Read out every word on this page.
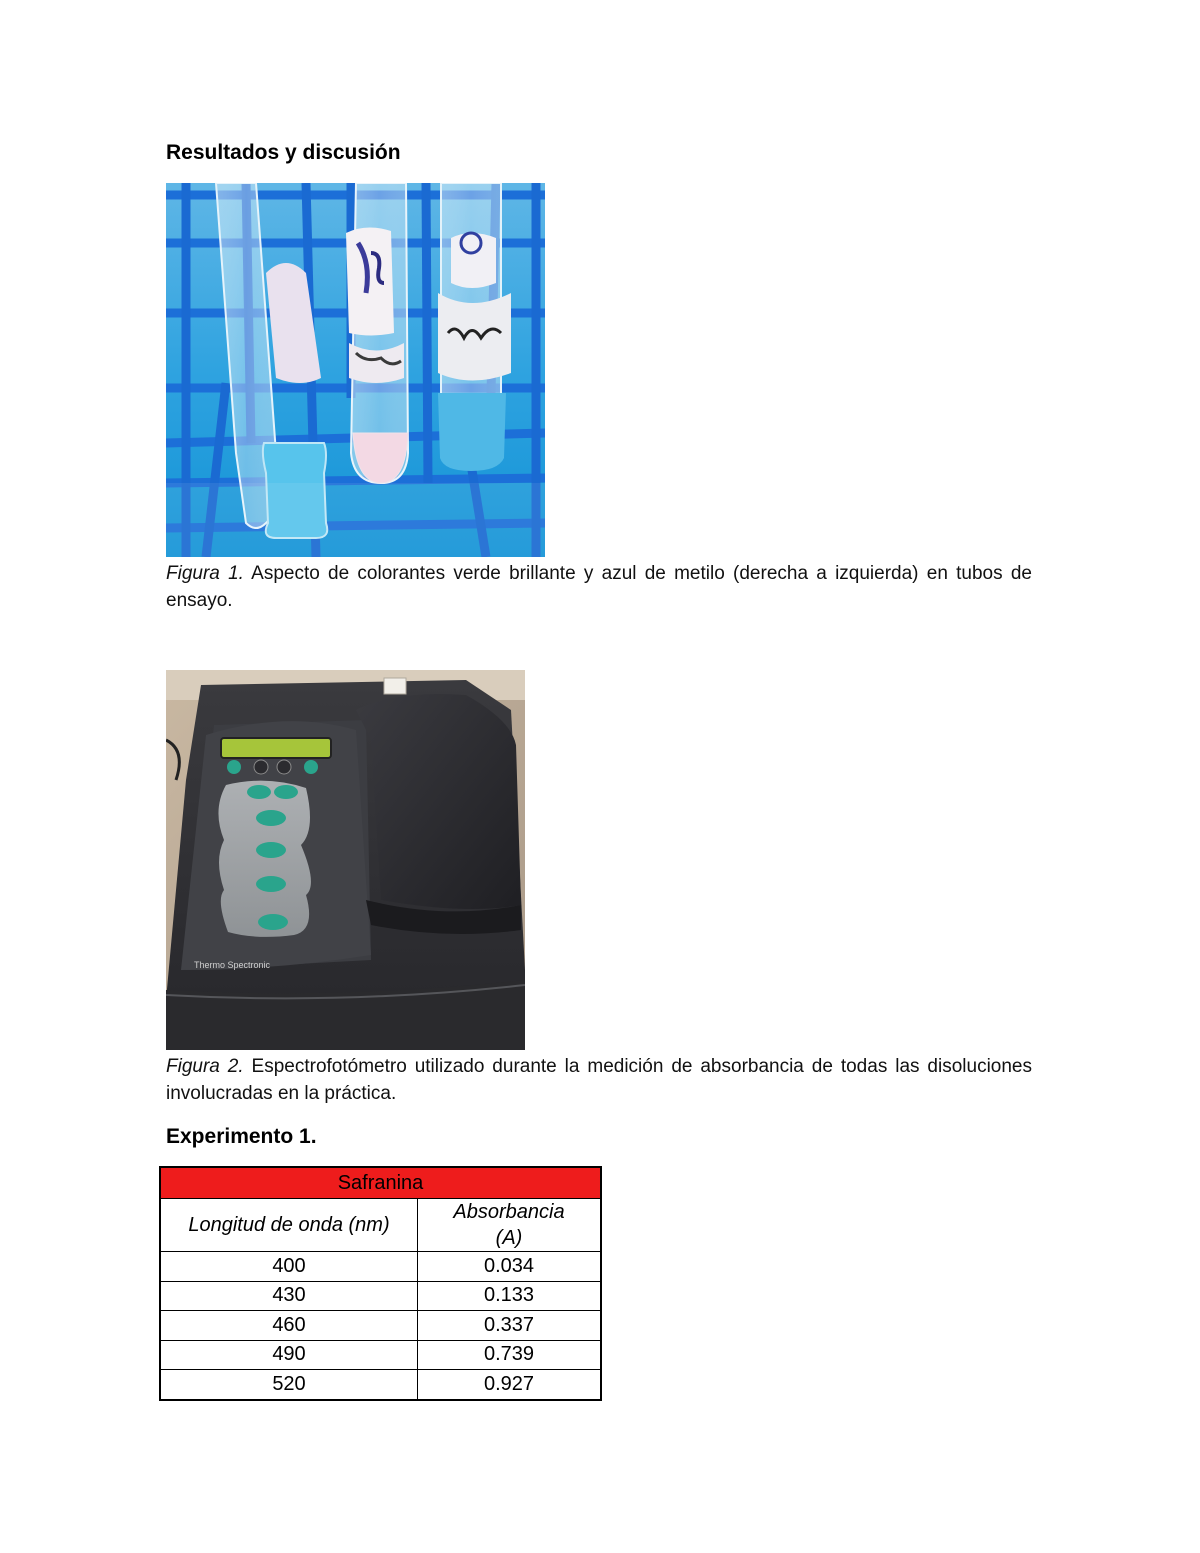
Resultados y discusión
Figura 1. Aspecto de colorantes verde brillante y azul de metilo (derecha a izquierda) en tubos de ensayo.
Thermo Spectronic
Figura 2. Espectrofotómetro utilizado durante la medición de absorbancia de todas las disoluciones involucradas en la práctica.
Experimento 1.
Safranina	
Longitud de onda (nm)	Absorbancia
(A)
400	0.034
430	0.133
460	0.337
490	0.739
520	0.927
